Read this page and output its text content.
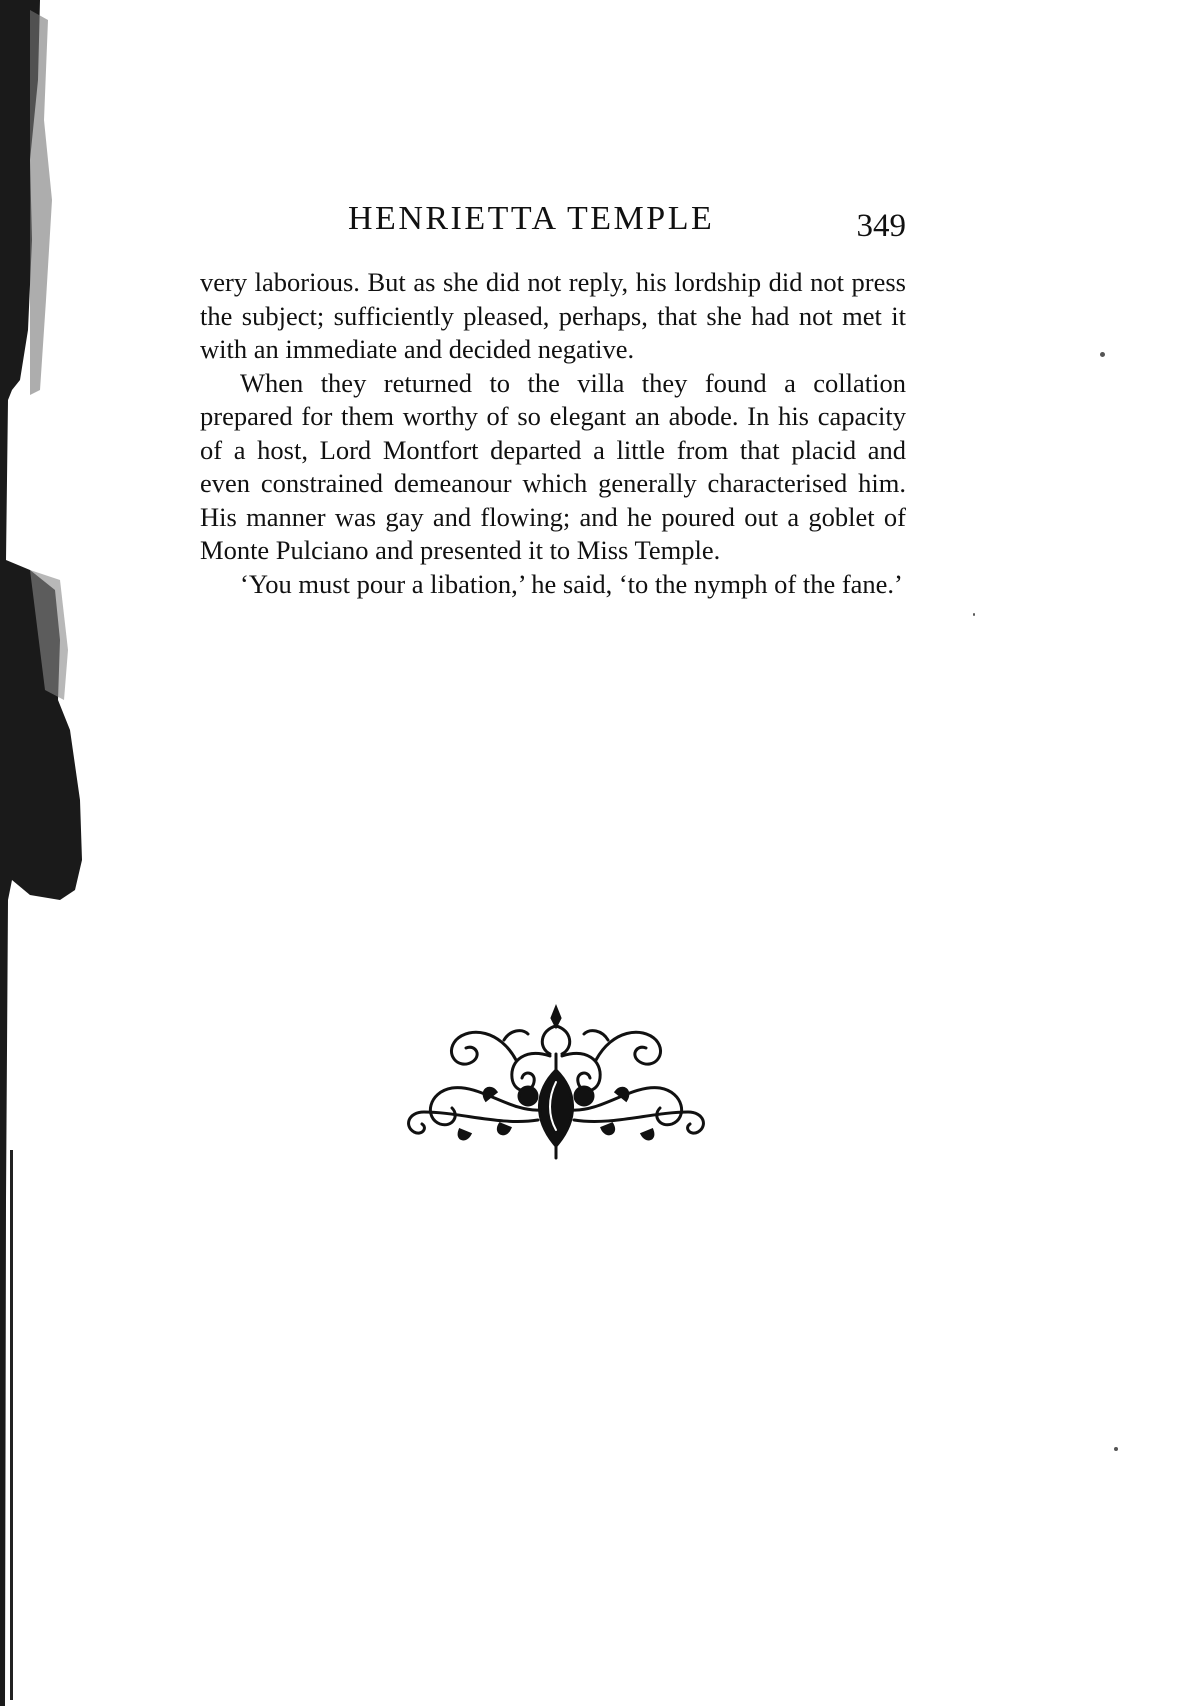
HENRIETTA TEMPLE	349

very laborious. But as she did not reply, his lordship did not press the subject; sufficiently pleased, perhaps, that she had not met it with an immediate and decided negative.

When they returned to the villa they found a collation prepared for them worthy of so elegant an abode. In his capacity of a host, Lord Montfort departed a little from that placid and even constrained demeanour which generally characterised him. His manner was gay and flowing; and he poured out a goblet of Monte Pulciano and presented it to Miss Temple.

‘You must pour a libation,’ he said, ‘to the nymph of the fane.’
